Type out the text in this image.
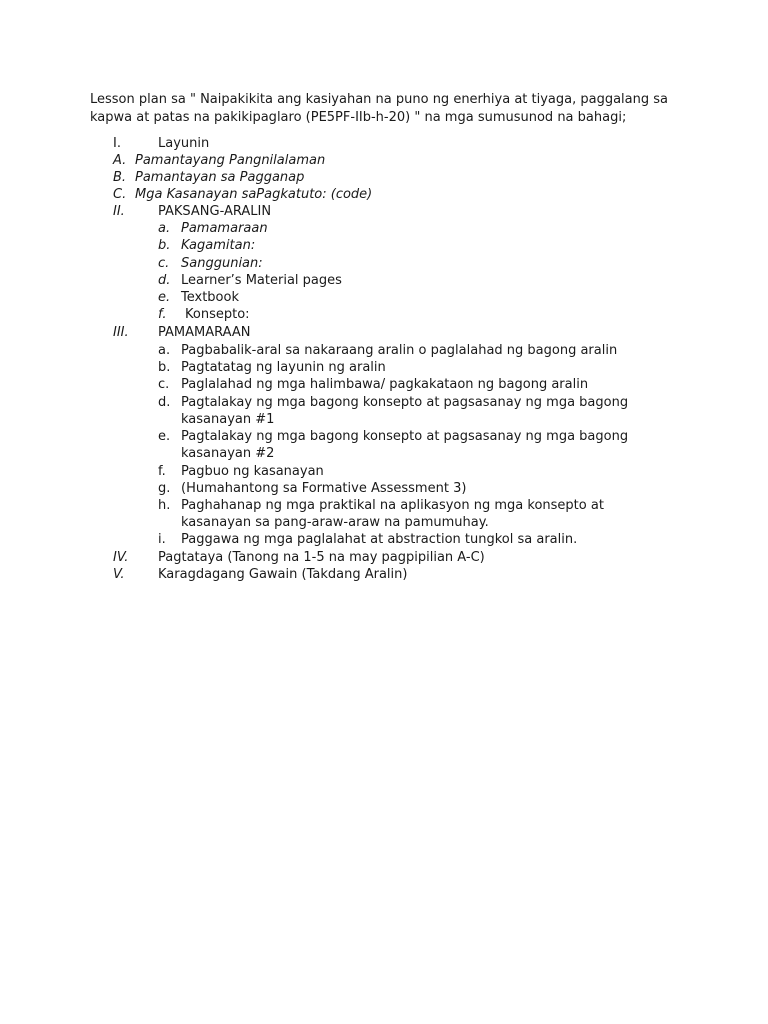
Lesson plan sa " Naipakikita ang kasiyahan na puno ng enerhiya at tiyaga, paggalang sa kapwa at patas na pakikipaglaro (PE5PF-IIb-h-20) " na mga sumusunod na bahagi;

I.	Layunin
A. Pamantayang Pangnilalaman
B. Pamantayan sa Pagganap
C. Mga Kasanayan saPagkatuto: (code)
II.	PAKSANG-ARALIN
a. Pamamaraan
b. Kagamitan:
c. Sanggunian:
d. Learner’s Material pages
e. Textbook
f. Konsepto:
III. PAMAMARAAN
a. Pagbabalik-aral sa nakaraang aralin o paglalahad ng bagong aralin
b. Pagtatatag ng layunin ng aralin
c. Paglalahad ng mga halimbawa/ pagkakataon ng bagong aralin
d. Pagtalakay ng mga bagong konsepto at pagsasanay ng mga bagong kasanayan #1
e. Pagtalakay ng mga bagong konsepto at pagsasanay ng mga bagong kasanayan #2
f. Pagbuo ng kasanayan
g. (Humahantong sa Formative Assessment 3)
h. Paghahanap ng mga praktikal na aplikasyon ng mga konsepto at kasanayan sa pang-araw-araw na pamumuhay.
i. Paggawa ng mga paglalahat at abstraction tungkol sa aralin.
IV. Pagtataya (Tanong na 1-5 na may pagpipilian A-C)
V.	Karagdagang Gawain (Takdang Aralin)
